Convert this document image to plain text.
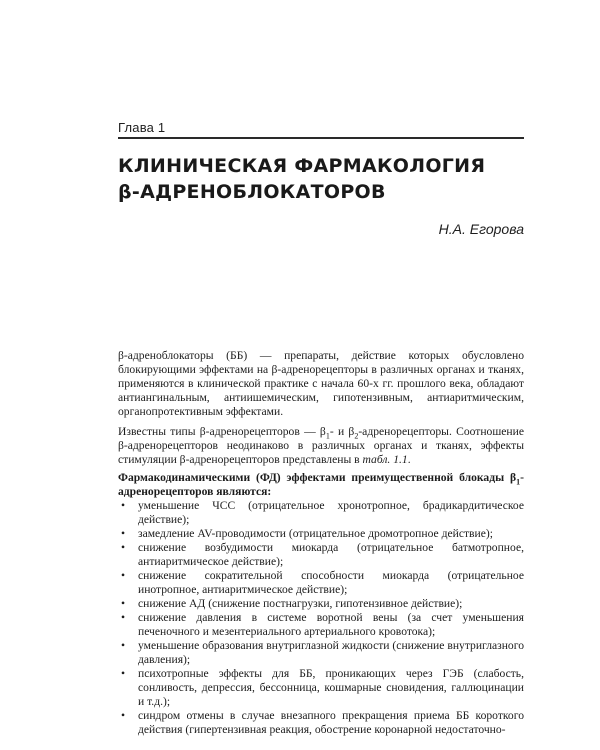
Глава 1
КЛИНИЧЕСКАЯ ФАРМАКОЛОГИЯ
β-АДРЕНОБЛОКАТОРОВ
Н.А. Егорова

β-адреноблокаторы (ББ) — препараты, действие которых обусловлено блокирующими эффектами на β-адренорецепторы в различных органах и тканях, применяются в клинической практике с начала 60-х гг. прошлого века, обладают антиангинальным, антиишемическим, гипотензивным, антиаритмическим, органопротективным эффектами.

Известны типы β-адренорецепторов — $\beta_1-$ и $\beta_2$-адренорецепторы. Соотношение β-адренорецепторов неодинаково в различных органах и тканях, эффекты стимуляции β-адренорецепторов представлены в табл. 1.1.

Фармакодинамическими (ФД) эффектами преимущественной блокады $\beta_1$-адренорецепторов являются:

• уменьшение ЧСС (отрицательное хронотропное, брадикардитическое действие);
• замедление AV-проводимости (отрицательное дромотропное действие);
• снижение возбудимости миокарда (отрицательное батмотропное, антиаритмическое действие);
• снижение сократительной способности миокарда (отрицательное инотропное, антиаритмическое действие);
• снижение АД (снижение постнагрузки, гипотензивное действие);
• снижение давления в системе воротной вены (за счет уменьшения печеночного и мезентериального артериального кровотока);
• уменьшение образования внутриглазной жидкости (снижение внутриглазного давления);
• психотропные эффекты для ББ, проникающих через ГЭБ (слабость, сонливость, депрессия, бессонница, кошмарные сновидения, галлюцинации и т.д.);
• синдром отмены в случае внезапного прекращения приема ББ короткого действия (гипертензивная реакция, обострение коронарной недостаточно-
